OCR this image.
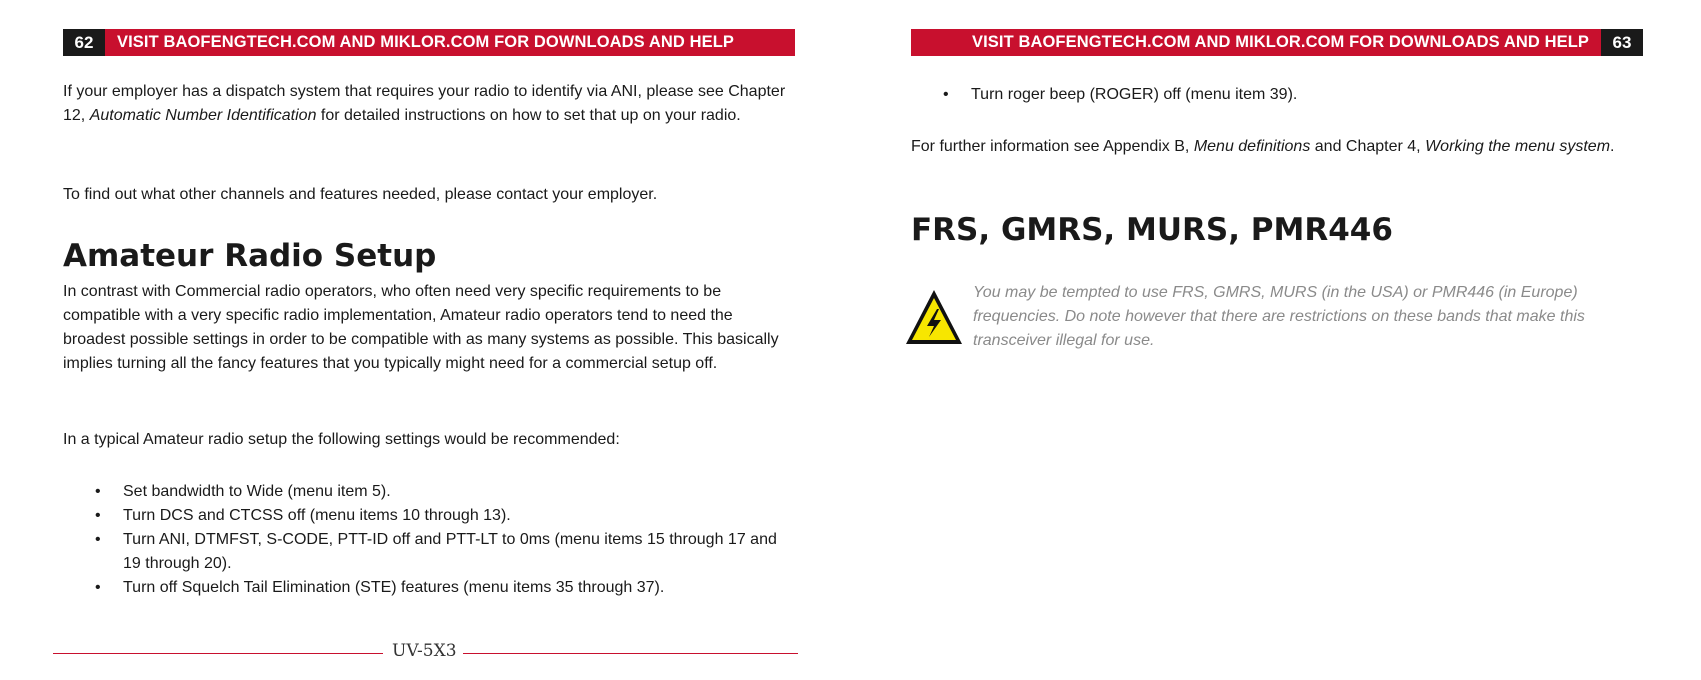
62	VISIT BAOFENGTECH.COM AND MIKLOR.COM FOR DOWNLOADS AND HELP

If your employer has a dispatch system that requires your radio to identify via ANI, please see Chapter 12, Automatic Number Identification for detailed instructions on how to set that up on your radio.

To find out what other channels and features needed, please contact your employer.

Amateur Radio Setup

In contrast with Commercial radio operators, who often need very specific requirements to be compatible with a very specific radio implementation, Amateur radio operators tend to need the broadest possible settings in order to be compatible with as many systems as possible. This basically implies turning all the fancy features that you typically might need for a commercial setup off.

In a typical Amateur radio setup the following settings would be recommended:

• Set bandwidth to Wide (menu item 5).
• Turn DCS and CTCSS off (menu items 10 through 13).
• Turn ANI, DTMFST, S-CODE, PTT-ID off and PTT-LT to 0ms (menu items 15 through 17 and 19 through 20).
• Turn off Squelch Tail Elimination (STE) features (menu items 35 through 37).
UV-5X3
VISIT BAOFENGTECH.COM AND MIKLOR.COM FOR DOWNLOADS AND HELP	63
• Turn roger beep (ROGER) off (menu item 39).

For further information see Appendix B, Menu definitions and Chapter 4, Working the menu system.

FRS, GMRS, MURS, PMR446

You may be tempted to use FRS, GMRS, MURS (in the USA) or PMR446 (in Europe) frequencies. Do note however that there are restrictions on these bands that make this transceiver illegal for use.
